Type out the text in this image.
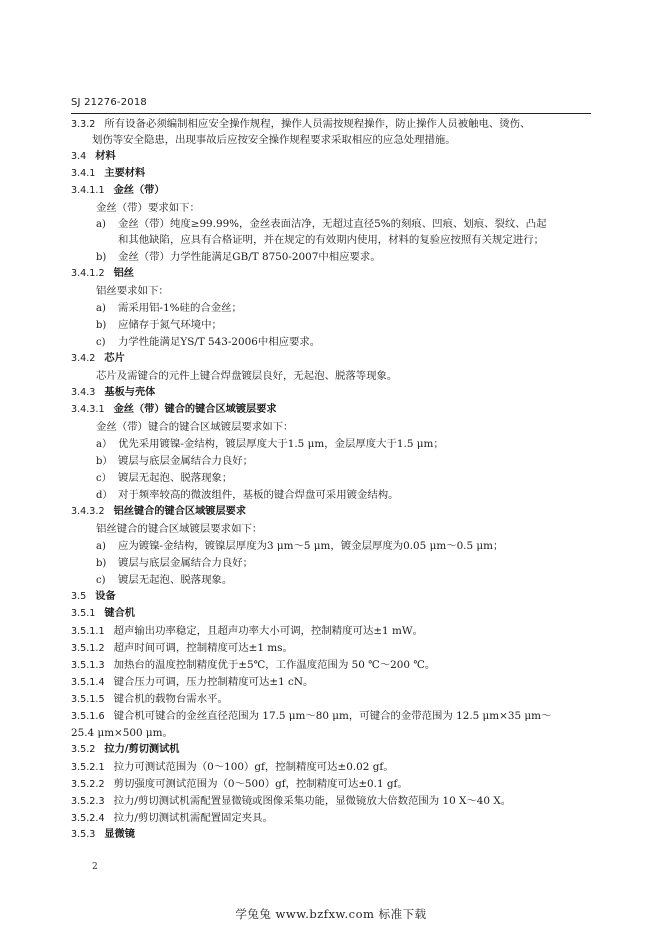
SJ 21276-2018
3.3.2 所有设备必须编制相应安全操作规程，操作人员需按规程操作，防止操作人员被触电、烫伤、
划伤等安全隐患，出现事故后应按安全操作规程要求采取相应的应急处理措施。
3.4 材料
3.4.1 主要材料
3.4.1.1 金丝（带）
金丝（带）要求如下：
a) 金丝（带）纯度≥99.99%，金丝表面洁净，无超过直径5%的刻痕、凹痕、划痕、裂纹、凸起
和其他缺陷，应具有合格证明，并在规定的有效期内使用，材料的复验应按照有关规定进行；
b) 金丝（带）力学性能满足GB/T 8750-2007中相应要求。
3.4.1.2 铝丝
铝丝要求如下：
a) 需采用铝-1%硅的合金丝；
b) 应储存于氮气环境中；
c) 力学性能满足YS/T 543-2006中相应要求。
3.4.2 芯片
芯片及需键合的元件上键合焊盘镀层良好，无起泡、脱落等现象。
3.4.3 基板与壳体
3.4.3.1 金丝（带）键合的键合区域镀层要求
金丝（带）键合的键合区域镀层要求如下：
a） 优先采用镀镍-金结构，镀层厚度大于1.5 μm，金层厚度大于1.5 μm；
b） 镀层与底层金属结合力良好；
c） 镀层无起泡、脱落现象；
d） 对于频率较高的微波组件，基板的键合焊盘可采用镀金结构。
3.4.3.2 铝丝键合的键合区域镀层要求
铝丝键合的键合区域镀层要求如下：
a) 应为镀镍-金结构，镀镍层厚度为3 μm～5 μm，镀金层厚度为0.05 μm～0.5 μm；
b) 镀层与底层金属结合力良好；
c) 镀层无起泡、脱落现象。
3.5 设备
3.5.1 键合机
3.5.1.1 超声输出功率稳定，且超声功率大小可调，控制精度可达±1 mW。
3.5.1.2 超声时间可调，控制精度可达±1 ms。
3.5.1.3 加热台的温度控制精度优于±5℃，工作温度范围为 50 ℃～200 ℃。
3.5.1.4 键合压力可调，压力控制精度可达±1 cN。
3.5.1.5 键合机的载物台需水平。
3.5.1.6 键合机可键合的金丝直径范围为 17.5 μm～80 μm，可键合的金带范围为 12.5 μm×35 μm～
25.4 μm×500 μm。
3.5.2 拉力/剪切测试机
3.5.2.1 拉力可测试范围为（0～100）gf，控制精度可达±0.02 gf。
3.5.2.2 剪切强度可测试范围为（0～500）gf，控制精度可达±0.1 gf。
3.5.2.3 拉力/剪切测试机需配置显微镜或图像采集功能，显微镜放大倍数范围为 10 X～40 X。
3.5.2.4 拉力/剪切测试机需配置固定夹具。
3.5.3 显微镜
2
学兔兔 www.bzfxw.com 标准下载
